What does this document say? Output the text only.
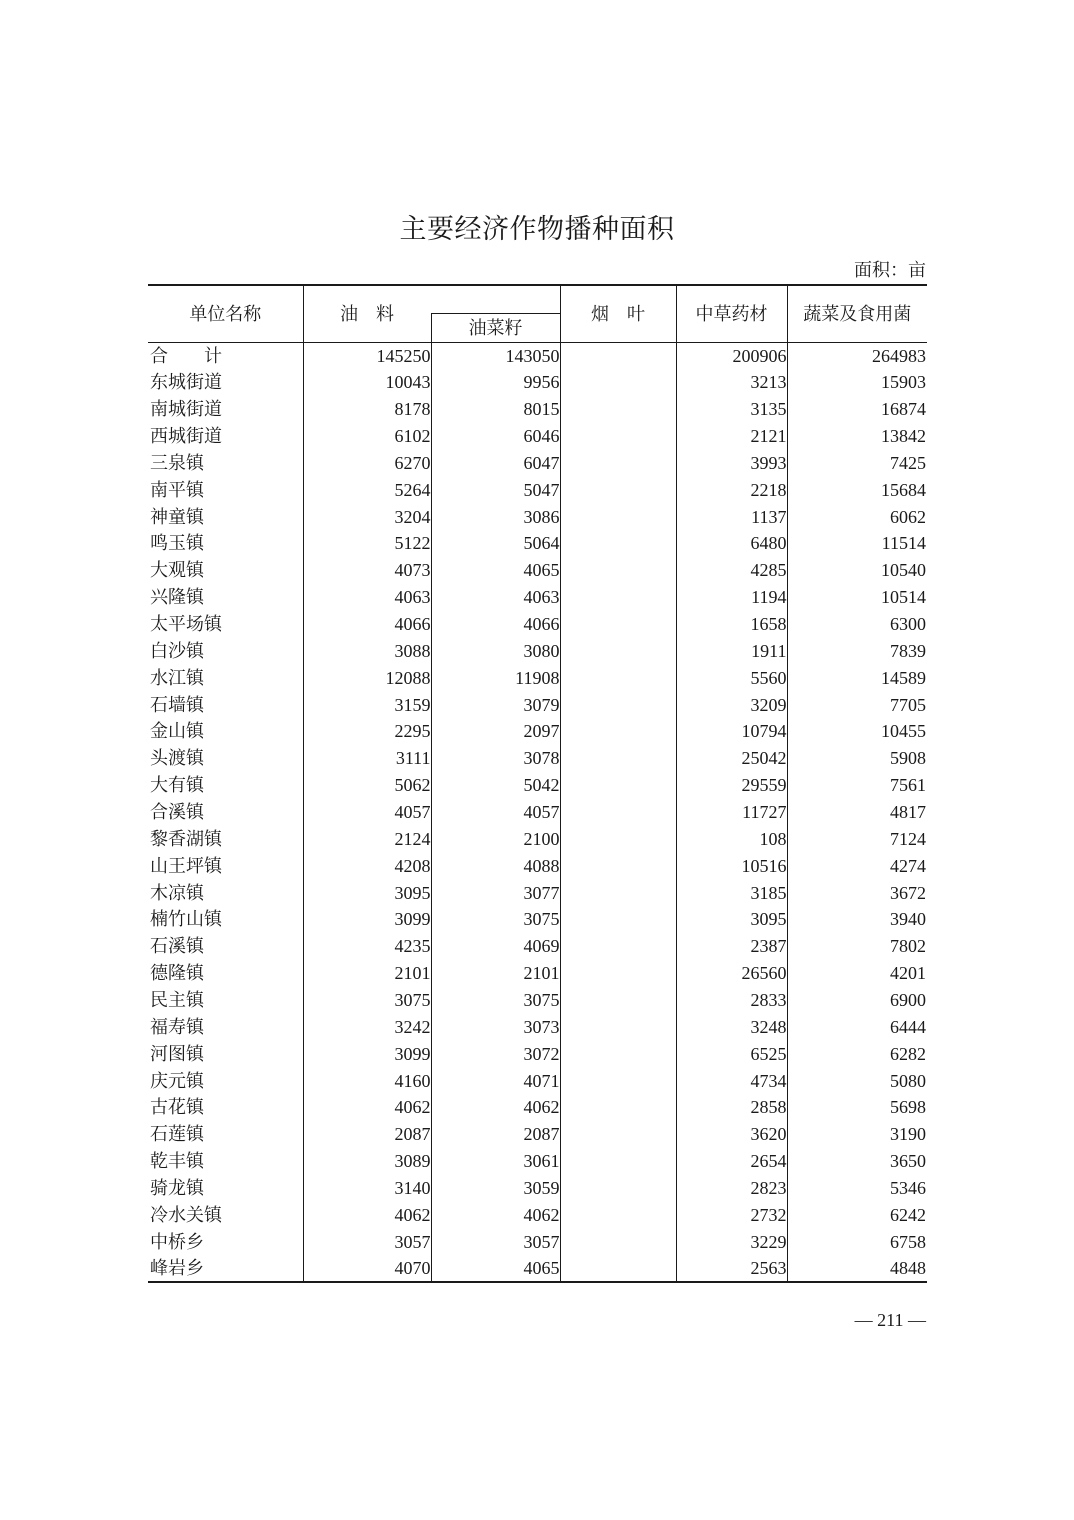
主要经济作物播种面积
面积：亩
单位名称	油　料		烟　叶	中草药材	蔬菜及食用菌
		油菜籽			
合　　计	145250	143050		200906	264983
东城街道	10043	9956		3213	15903
南城街道	8178	8015		3135	16874
西城街道	6102	6046		2121	13842
三泉镇	6270	6047		3993	7425
南平镇	5264	5047		2218	15684
神童镇	3204	3086		1137	6062
鸣玉镇	5122	5064		6480	11514
大观镇	4073	4065		4285	10540
兴隆镇	4063	4063		1194	10514
太平场镇	4066	4066		1658	6300
白沙镇	3088	3080		1911	7839
水江镇	12088	11908		5560	14589
石墙镇	3159	3079		3209	7705
金山镇	2295	2097		10794	10455
头渡镇	3111	3078		25042	5908
大有镇	5062	5042		29559	7561
合溪镇	4057	4057		11727	4817
黎香湖镇	2124	2100		108	7124
山王坪镇	4208	4088		10516	4274
木凉镇	3095	3077		3185	3672
楠竹山镇	3099	3075		3095	3940
石溪镇	4235	4069		2387	7802
德隆镇	2101	2101		26560	4201
民主镇	3075	3075		2833	6900
福寿镇	3242	3073		3248	6444
河图镇	3099	3072		6525	6282
庆元镇	4160	4071		4734	5080
古花镇	4062	4062		2858	5698
石莲镇	2087	2087		3620	3190
乾丰镇	3089	3061		2654	3650
骑龙镇	3140	3059		2823	5346
冷水关镇	4062	4062		2732	6242
中桥乡	3057	3057		3229	6758
峰岩乡	4070	4065		2563	4848
— 211 —
